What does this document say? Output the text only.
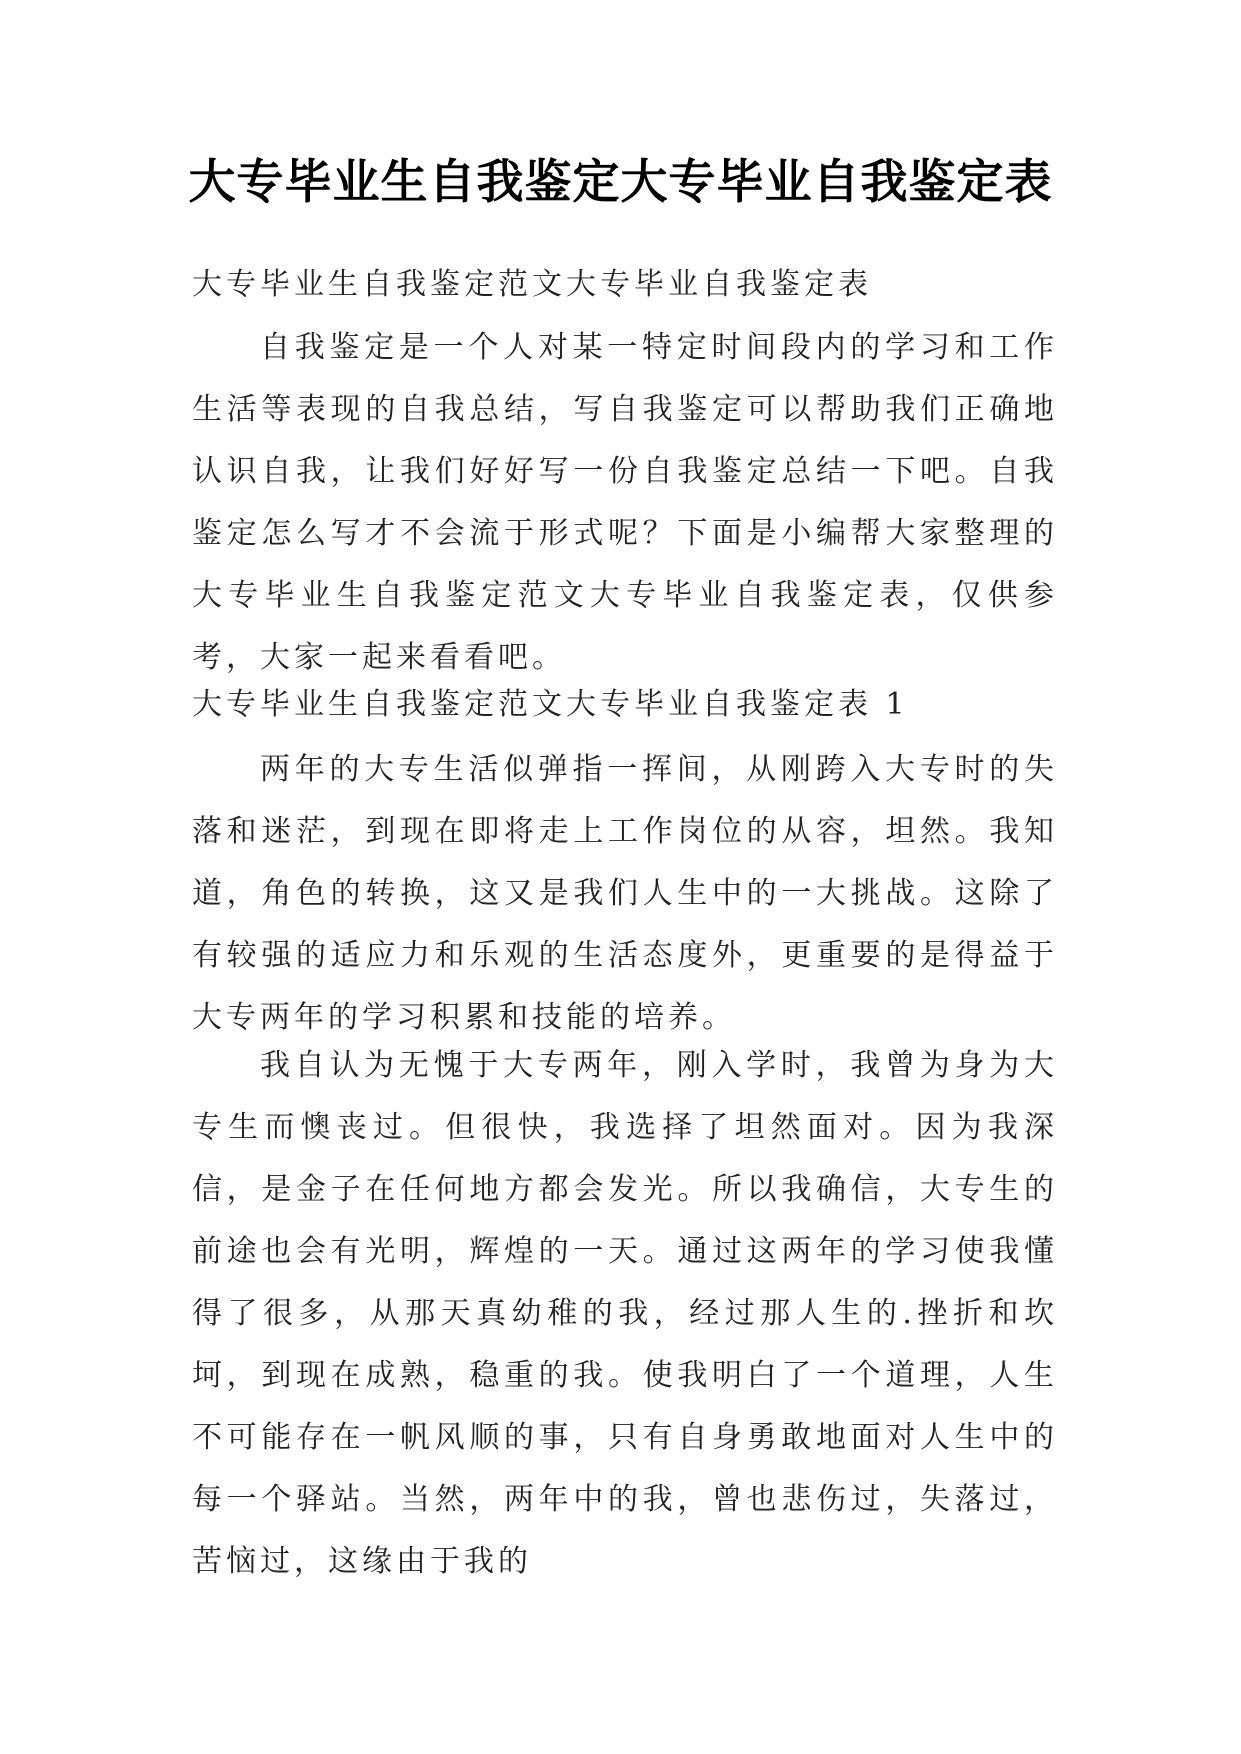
大专毕业生自我鉴定大专毕业自我鉴定表

大专毕业生自我鉴定范文大专毕业自我鉴定表

自我鉴定是一个人对某一特定时间段内的学习和工作生活等表现的自我总结，写自我鉴定可以帮助我们正确地认识自我，让我们好好写一份自我鉴定总结一下吧。自我鉴定怎么写才不会流于形式呢？下面是小编帮大家整理的大专毕业生自我鉴定范文大专毕业自我鉴定表，仅供参考，大家一起来看看吧。

大专毕业生自我鉴定范文大专毕业自我鉴定表 1

两年的大专生活似弹指一挥间，从刚跨入大专时的失落和迷茫，到现在即将走上工作岗位的从容，坦然。我知道，角色的转换，这又是我们人生中的一大挑战。这除了有较强的适应力和乐观的生活态度外，更重要的是得益于大专两年的学习积累和技能的培养。

我自认为无愧于大专两年，刚入学时，我曾为身为大专生而懊丧过。但很快，我选择了坦然面对。因为我深信，是金子在任何地方都会发光。所以我确信，大专生的前途也会有光明，辉煌的一天。通过这两年的学习使我懂得了很多，从那天真幼稚的我，经过那人生的.挫折和坎坷，到现在成熟，稳重的我。使我明白了一个道理，人生不可能存在一帆风顺的事，只有自身勇敢地面对人生中的每一个驿站。当然，两年中的我，曾也悲伤过，失落过，苦恼过，这缘由于我的
